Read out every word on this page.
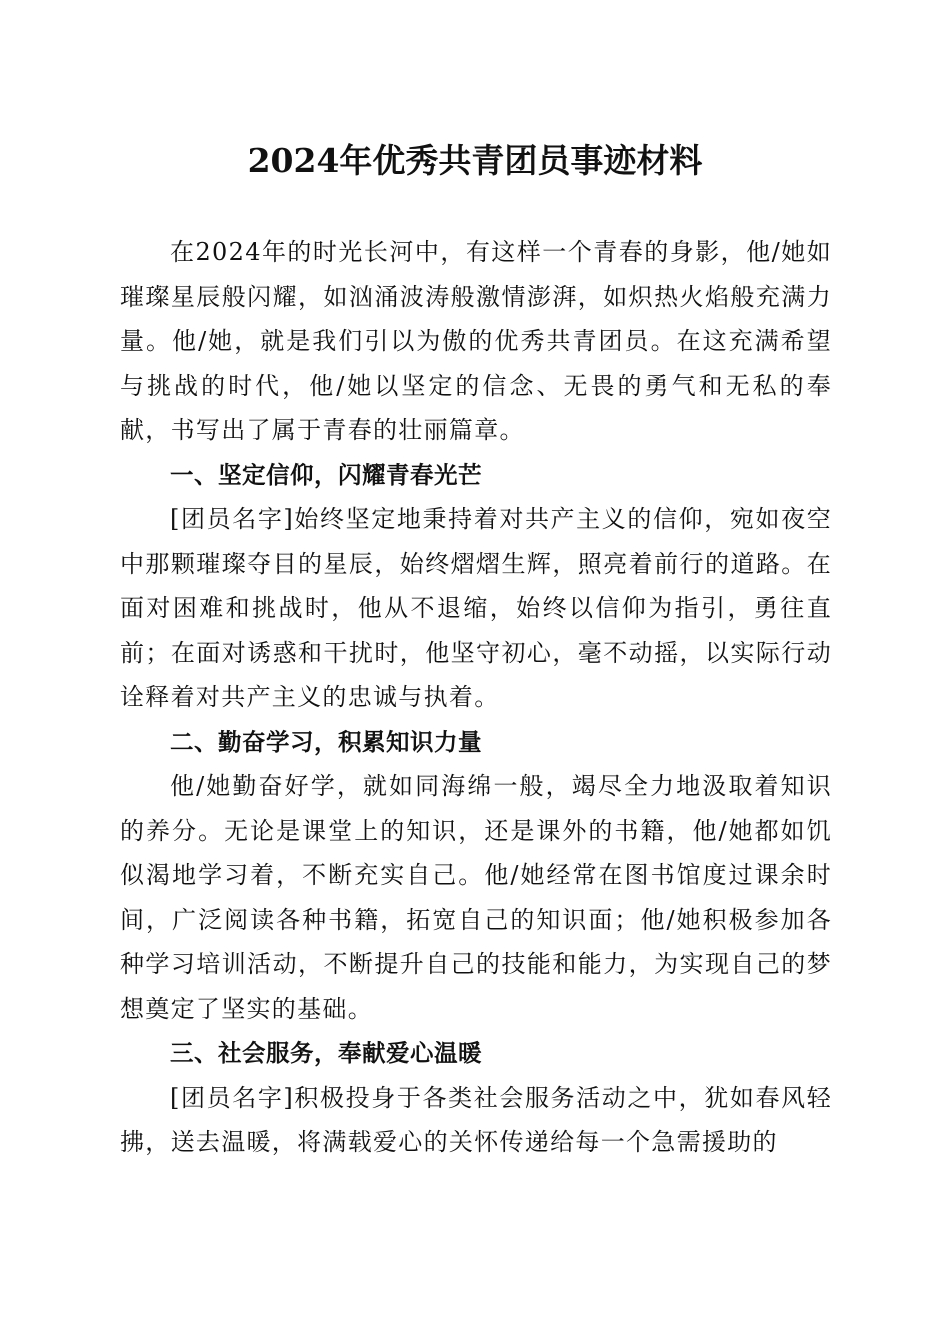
2024年优秀共青团员事迹材料

在2024年的时光长河中，有这样一个青春的身影，他/她如璀璨星辰般闪耀，如汹涌波涛般激情澎湃，如炽热火焰般充满力量。他/她，就是我们引以为傲的优秀共青团员。在这充满希望与挑战的时代，他/她以坚定的信念、无畏的勇气和无私的奉献，书写出了属于青春的壮丽篇章。

一、坚定信仰，闪耀青春光芒

[团员名字]始终坚定地秉持着对共产主义的信仰，宛如夜空中那颗璀璨夺目的星辰，始终熠熠生辉，照亮着前行的道路。在面对困难和挑战时，他从不退缩，始终以信仰为指引，勇往直前；在面对诱惑和干扰时，他坚守初心，毫不动摇，以实际行动诠释着对共产主义的忠诚与执着。

二、勤奋学习，积累知识力量

他/她勤奋好学，就如同海绵一般，竭尽全力地汲取着知识的养分。无论是课堂上的知识，还是课外的书籍，他/她都如饥似渴地学习着，不断充实自己。他/她经常在图书馆度过课余时间，广泛阅读各种书籍，拓宽自己的知识面；他/她积极参加各种学习培训活动，不断提升自己的技能和能力，为实现自己的梦想奠定了坚实的基础。

三、社会服务，奉献爱心温暖

[团员名字]积极投身于各类社会服务活动之中，犹如春风轻拂，送去温暖，将满载爱心的关怀传递给每一个急需援助的
